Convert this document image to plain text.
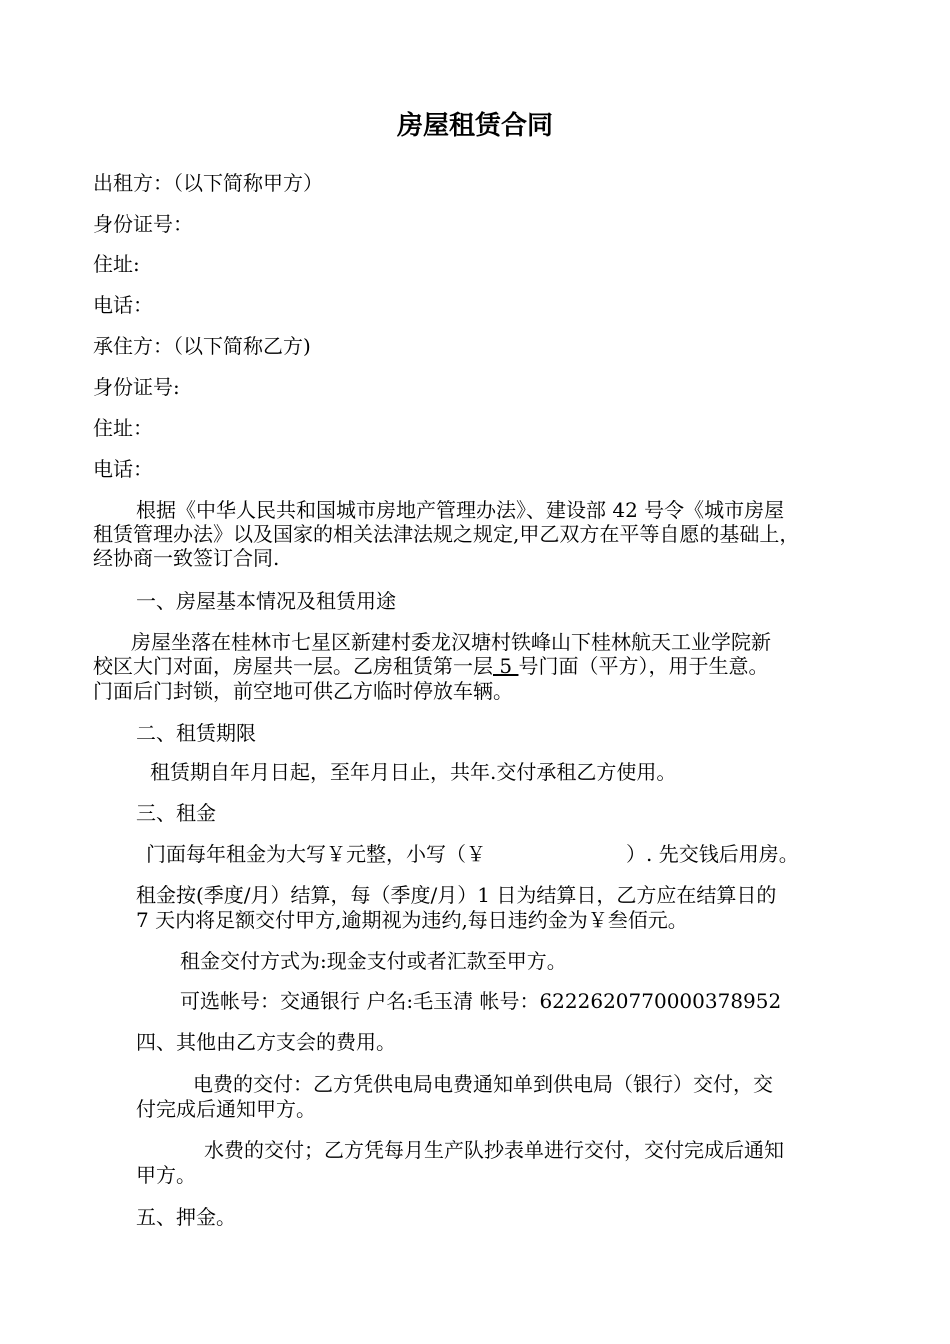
房屋租赁合同

出租方：（以下简称甲方）

身份证号：

住址:

电话：

承住方：（以下简称乙方)

身份证号:

住址：

电话：

根据《中华人民共和国城市房地产管理办法》、建设部 42 号令《城市房屋

租赁管理办法》以及国家的相关法津法规之规定,甲乙双方在平等自愿的基础上，

经协商一致签订合同.

一、房屋基本情况及租赁用途

房屋坐落在桂林市七星区新建村委龙汉塘村铁峰山下桂林航天工业学院新

校区大门对面，房屋共一层。乙房租赁第一层 5 号门面（平方），用于生意。

门面后门封锁，前空地可供乙方临时停放车辆。

二、租赁期限

租赁期自年月日起，至年月日止，共年.交付承租乙方使用。

三、租金

门面每年租金为大写￥元整，小写（￥	）. 先交钱后用房。

租金按(季度/月）结算，每（季度/月）1 日为结算日，乙方应在结算日的

7 天内将足额交付甲方,逾期视为违约,每日违约金为￥叁佰元。

租金交付方式为:现金支付或者汇款至甲方。

可选帐号：交通银行 户名:毛玉清 帐号：6222620770000378952

四、其他由乙方支会的费用。

电费的交付：乙方凭供电局电费通知单到供电局（银行）交付，交

付完成后通知甲方。

水费的交付；乙方凭每月生产队抄表单进行交付，交付完成后通知

甲方。

五、押金。
